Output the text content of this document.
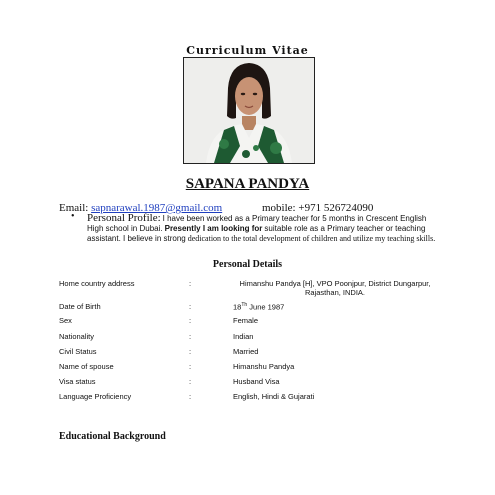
Curriculum Vitae
SAPANA PANDYA
Email: sapnarawal.1987@gmail.com	mobile: +971 526724090
• Personal Profile: I have been worked as a Primary teacher for 5 months in Crescent English High school in Dubai. Presently I am looking for suitable role as a Primary teacher or teaching assistant. I believe in strong dedication to the total development of children and utilize my teaching skills.
Personal Details
Home country address	:	Himanshu Pandya [H], VPO Poonjpur, District Dungarpur, Rajasthan, INDIA.
Date of Birth	:	18Th June 1987
Sex	:	Female
Nationality	:	Indian
Civil Status	:	Married
Name of spouse	:	Himanshu Pandya
Visa status	:	Husband Visa
Language Proficiency	:	English, Hindi & Gujarati
Educational Background
